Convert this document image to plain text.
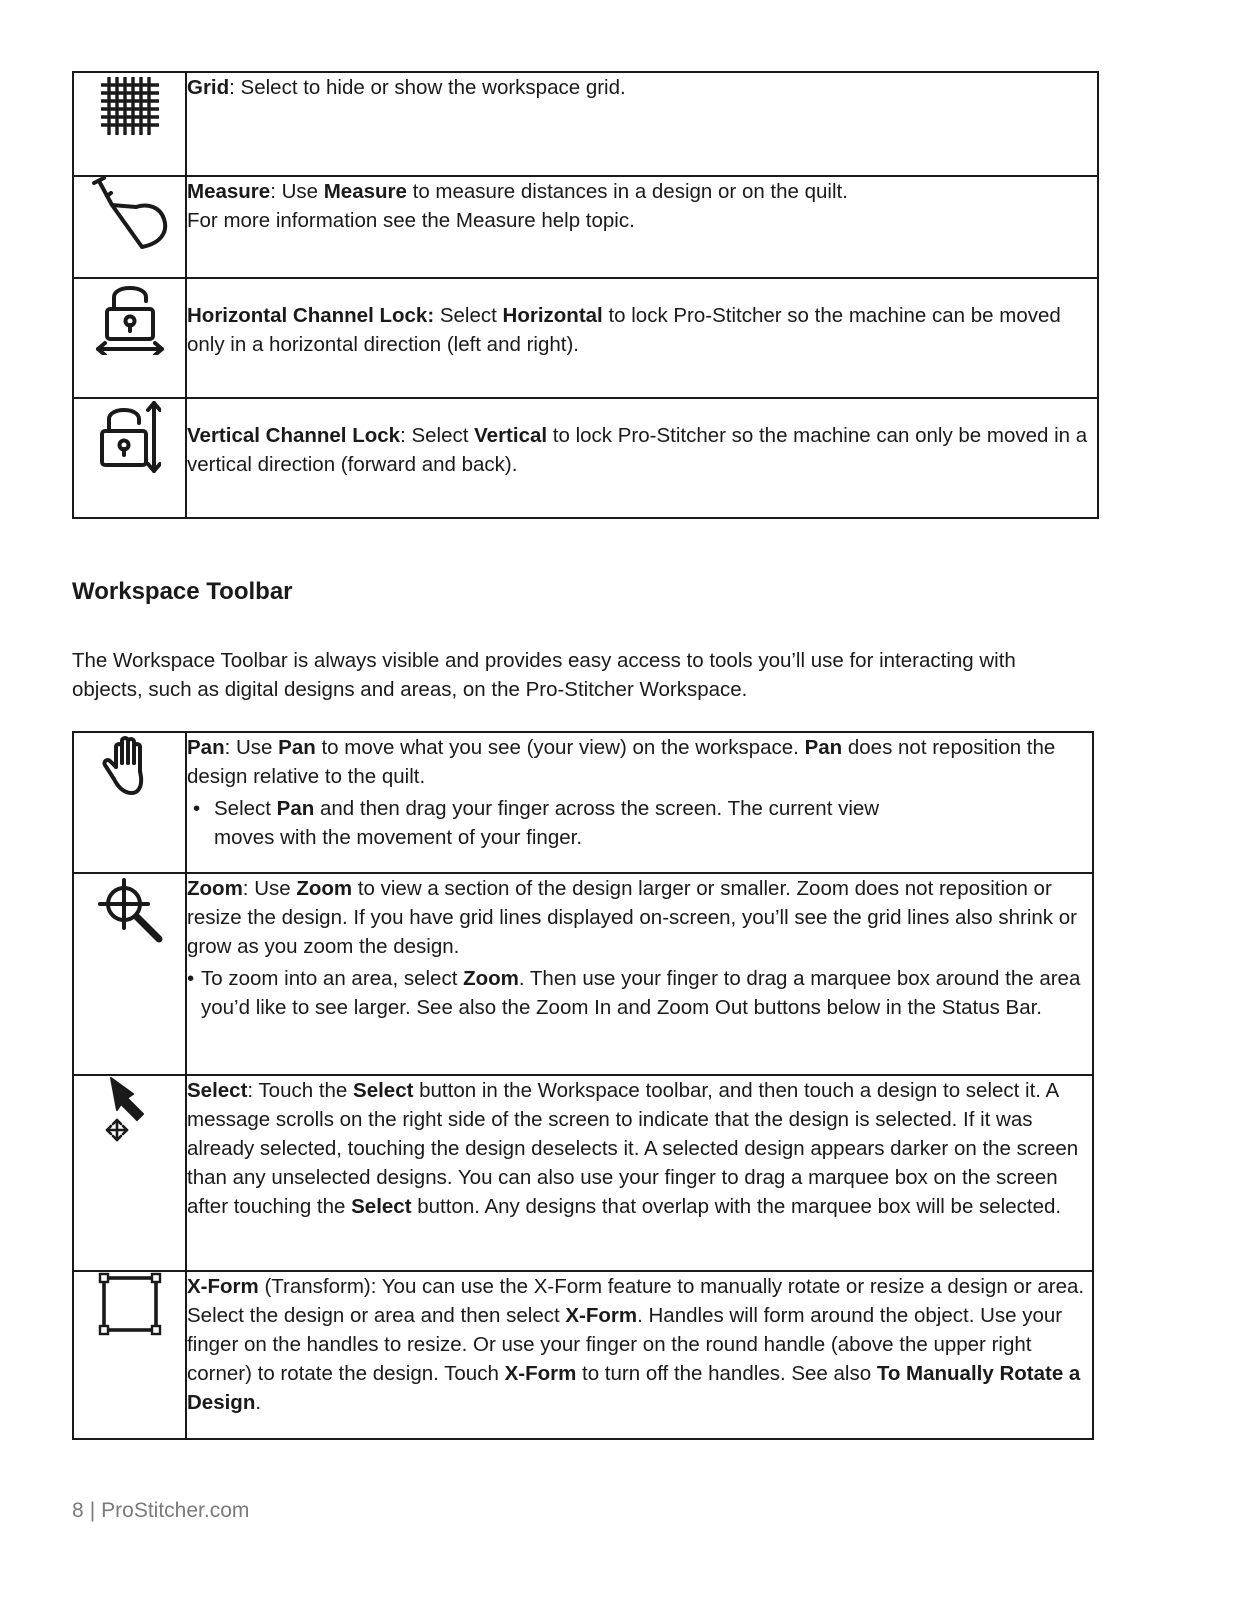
	Grid: Select to hide or show the workspace grid.

Measure: Use Measure to measure distances in a design or on the quilt.
For more information see the Measure help topic.

	Horizontal Channel Lock: Select Horizontal to lock Pro-Stitcher so the machine can be moved only in a horizontal direction (left and right).

	Vertical Channel Lock: Select Vertical to lock Pro-Stitcher so the machine can only be moved in a vertical direction (forward and back).
Workspace Toolbar

The Workspace Toolbar is always visible and provides easy access to tools you’ll use for interacting with objects, such as digital designs and areas, on the Pro-Stitcher Workspace.

Pan: Use Pan to move what you see (your view) on the workspace. Pan does not reposition the design relative to the quilt.
• Select Pan and then drag your finger across the screen. The current view moves with the movement of your finger.

Zoom: Use Zoom to view a section of the design larger or smaller. Zoom does not reposition or resize the design. If you have grid lines displayed on-screen, you’ll see the grid lines also shrink or grow as you zoom the design.
• To zoom into an area, select Zoom. Then use your finger to drag a marquee box around the area you’d like to see larger. See also the Zoom In and Zoom Out buttons below in the Status Bar.

	Select: Touch the Select button in the Workspace toolbar, and then touch a design to select it. A message scrolls on the right side of the screen to indicate that the design is selected. If it was already selected, touching the design deselects it. A selected design appears darker on the screen than any unselected designs. You can also use your finger to drag a marquee box on the screen after touching the Select button. Any designs that overlap with the marquee box will be selected.

	X-Form (Transform): You can use the X-Form feature to manually rotate or resize a design or area. Select the design or area and then select X-Form. Handles will form around the object. Use your finger on the handles to resize. Or use your finger on the round handle (above the upper right corner) to rotate the design. Touch X-Form to turn off the handles. See also To Manually Rotate a Design.
8 | ProStitcher.com
